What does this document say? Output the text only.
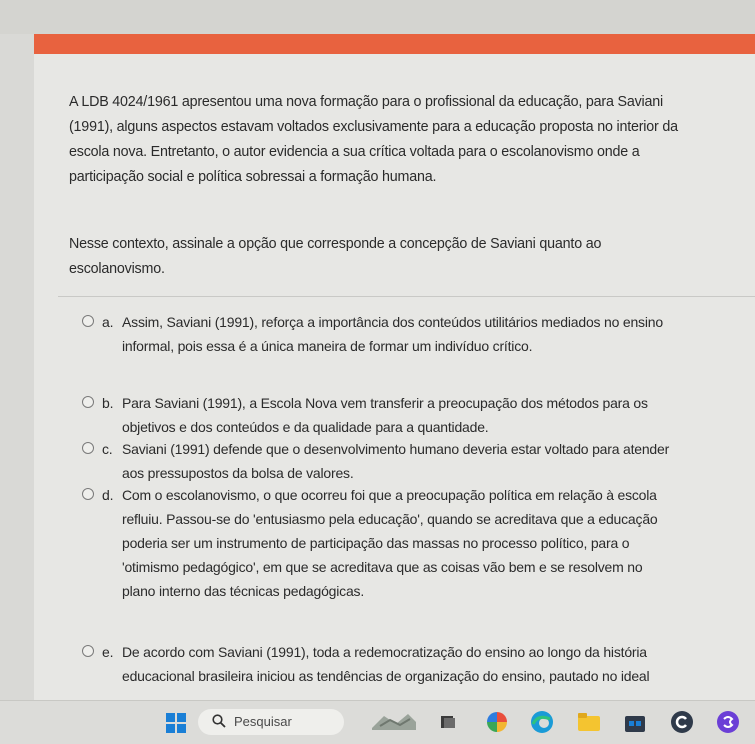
A LDB 4024/1961 apresentou uma nova formação para o profissional da educação, para Saviani

(1991), alguns aspectos estavam voltados exclusivamente para a educação proposta no interior da

escola nova. Entretanto, o autor evidencia a sua crítica voltada para o escolanovismo onde a

participação social e política sobressai a formação humana.

Nesse contexto, assinale a opção que corresponde a concepção de Saviani quanto ao

escolanovismo.

a. Assim, Saviani (1991), reforça a importância dos conteúdos utilitários mediados no ensino
informal, pois essa é a única maneira de formar um indivíduo crítico.
b. Para Saviani (1991), a Escola Nova vem transferir a preocupação dos métodos para os
objetivos e dos conteúdos e da qualidade para a quantidade.
c. Saviani (1991) defende que o desenvolvimento humano deveria estar voltado para atender
aos pressupostos da bolsa de valores.
d. Com o escolanovismo, o que ocorreu foi que a preocupação política em relação à escola
refluiu. Passou-se do 'entusiasmo pela educação', quando se acreditava que a educação
poderia ser um instrumento de participação das massas no processo político, para o
'otimismo pedagógico', em que se acreditava que as coisas vão bem e se resolvem no
plano interno das técnicas pedagógicas.
e. De acordo com Saviani (1991), toda a redemocratização do ensino ao longo da história
educacional brasileira iniciou as tendências de organização do ensino, pautado no ideal
Pesquisar
